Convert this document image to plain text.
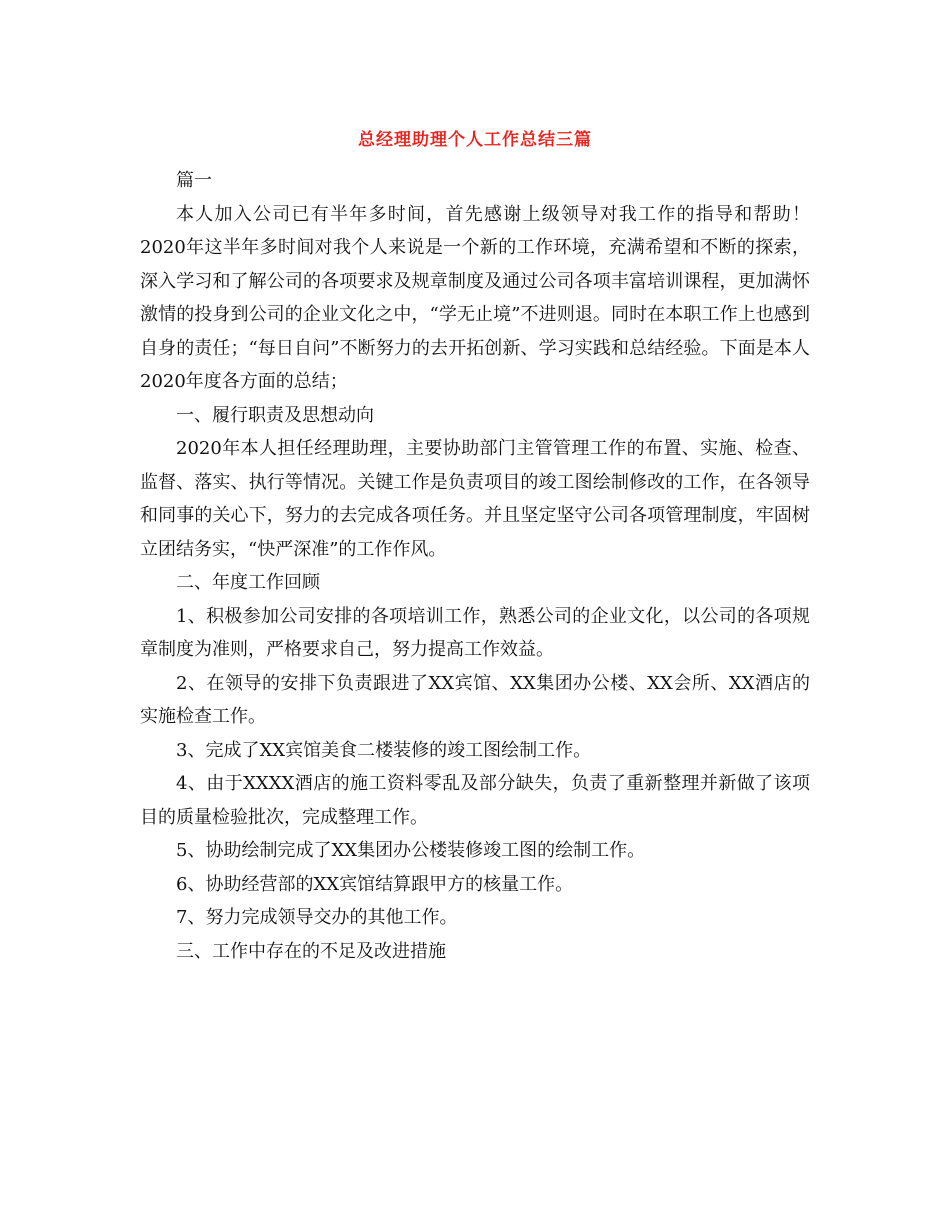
总经理助理个人工作总结三篇

篇一

本人加入公司已有半年多时间，首先感谢上级领导对我工作的指导和帮助！2020年这半年多时间对我个人来说是一个新的工作环境，充满希望和不断的探索，深入学习和了解公司的各项要求及规章制度及通过公司各项丰富培训课程，更加满怀激情的投身到公司的企业文化之中，“学无止境”不进则退。同时在本职工作上也感到自身的责任；“每日自问”不断努力的去开拓创新、学习实践和总结经验。下面是本人2020年度各方面的总结；

一、履行职责及思想动向

2020年本人担任经理助理，主要协助部门主管管理工作的布置、实施、检查、监督、落实、执行等情况。关键工作是负责项目的竣工图绘制修改的工作，在各领导和同事的关心下，努力的去完成各项任务。并且坚定坚守公司各项管理制度，牢固树立团结务实，“快严深准”的工作作风。

二、年度工作回顾

1、积极参加公司安排的各项培训工作，熟悉公司的企业文化，以公司的各项规章制度为准则，严格要求自己，努力提高工作效益。

2、在领导的安排下负责跟进了XX宾馆、XX集团办公楼、XX会所、XX酒店的实施检查工作。

3、完成了XX宾馆美食二楼装修的竣工图绘制工作。

4、由于XXXX酒店的施工资料零乱及部分缺失，负责了重新整理并新做了该项目的质量检验批次，完成整理工作。

5、协助绘制完成了XX集团办公楼装修竣工图的绘制工作。

6、协助经营部的XX宾馆结算跟甲方的核量工作。

7、努力完成领导交办的其他工作。

三、工作中存在的不足及改进措施
